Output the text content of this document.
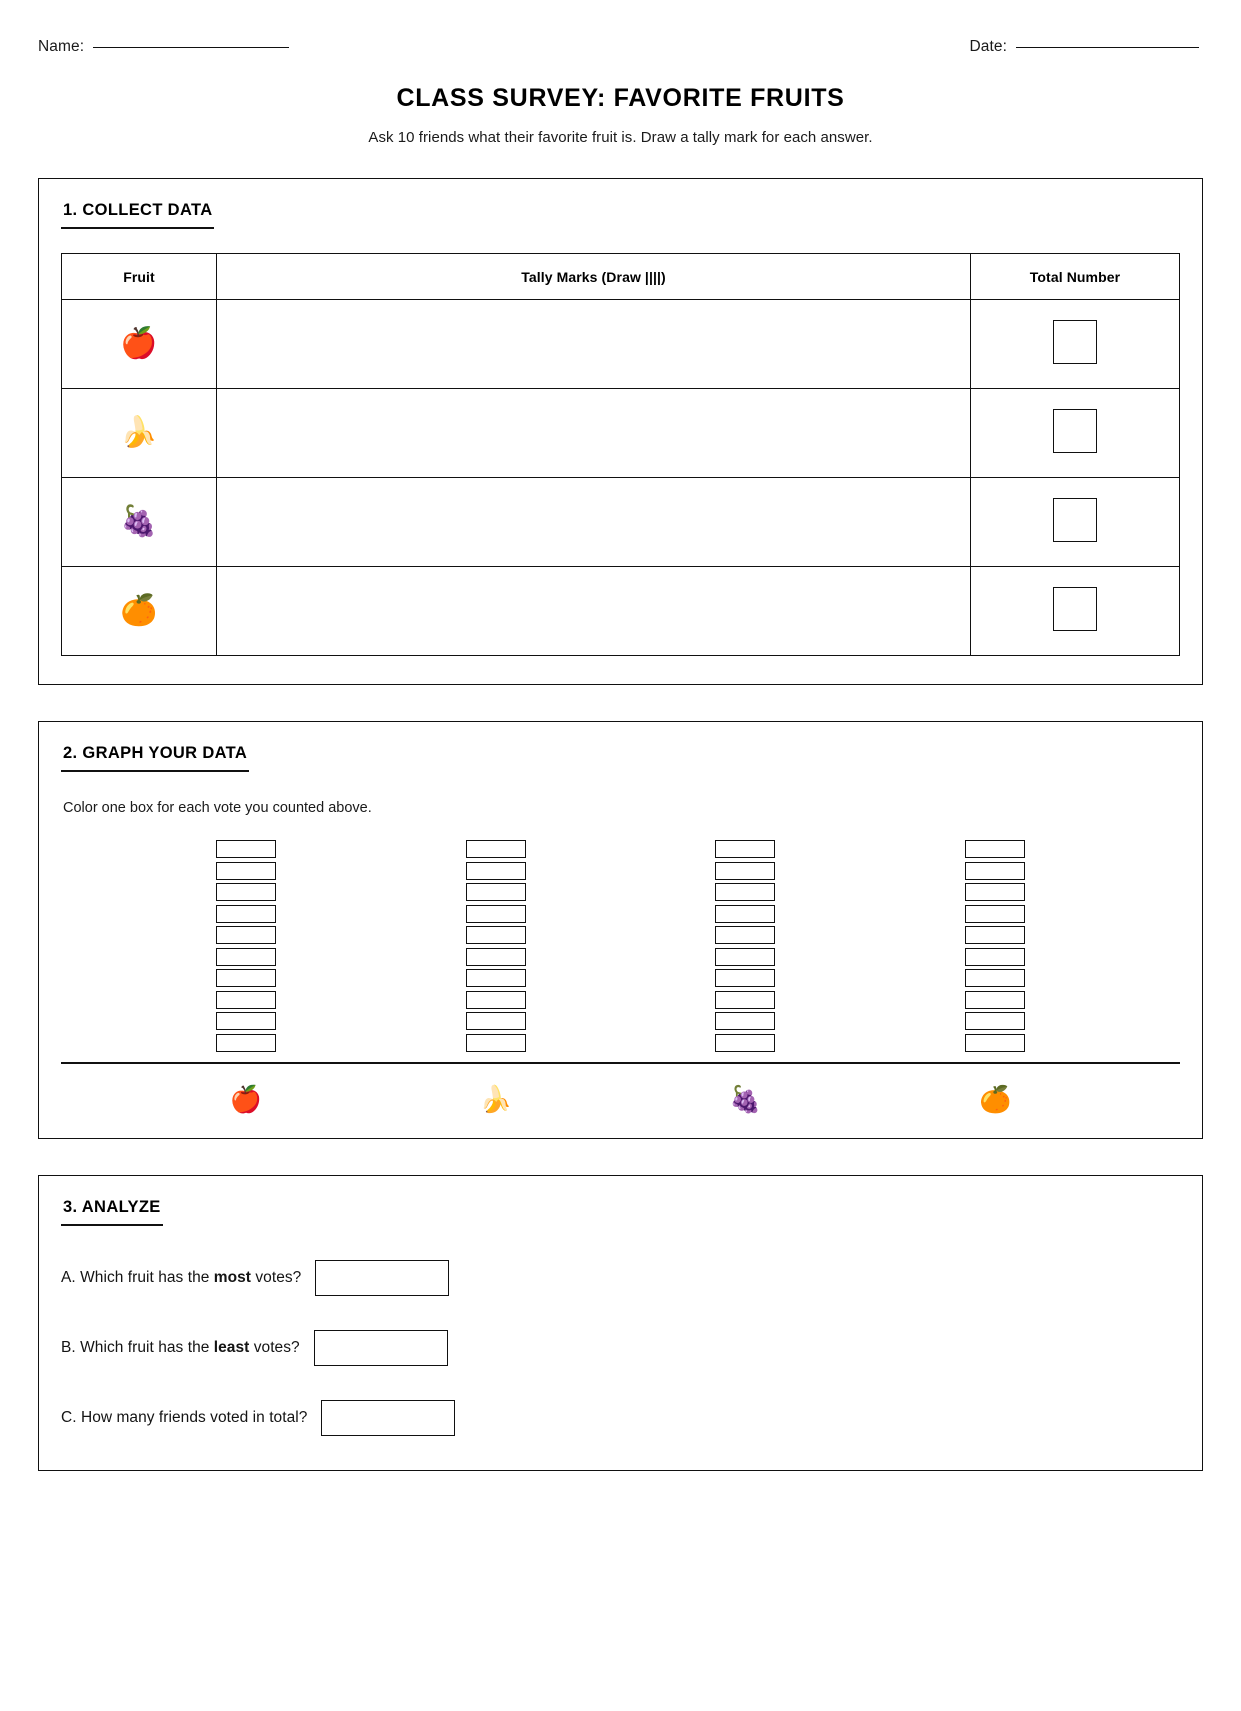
Name:	Date:
CLASS SURVEY: FAVORITE FRUITS

Ask 10 friends what their favorite fruit is. Draw a tally mark for each answer.

1. COLLECT DATA
Fruit	Tally Marks (Draw ||||)	Total Number
🍎		
🍌		
🍇		
🍊		
2. GRAPH YOUR DATA

Color one box for each vote you counted above.

🍎	🍌	🍇	🍊
3. ANALYZE
A. Which fruit has the most votes?
B. Which fruit has the least votes?
C. How many friends voted in total?
